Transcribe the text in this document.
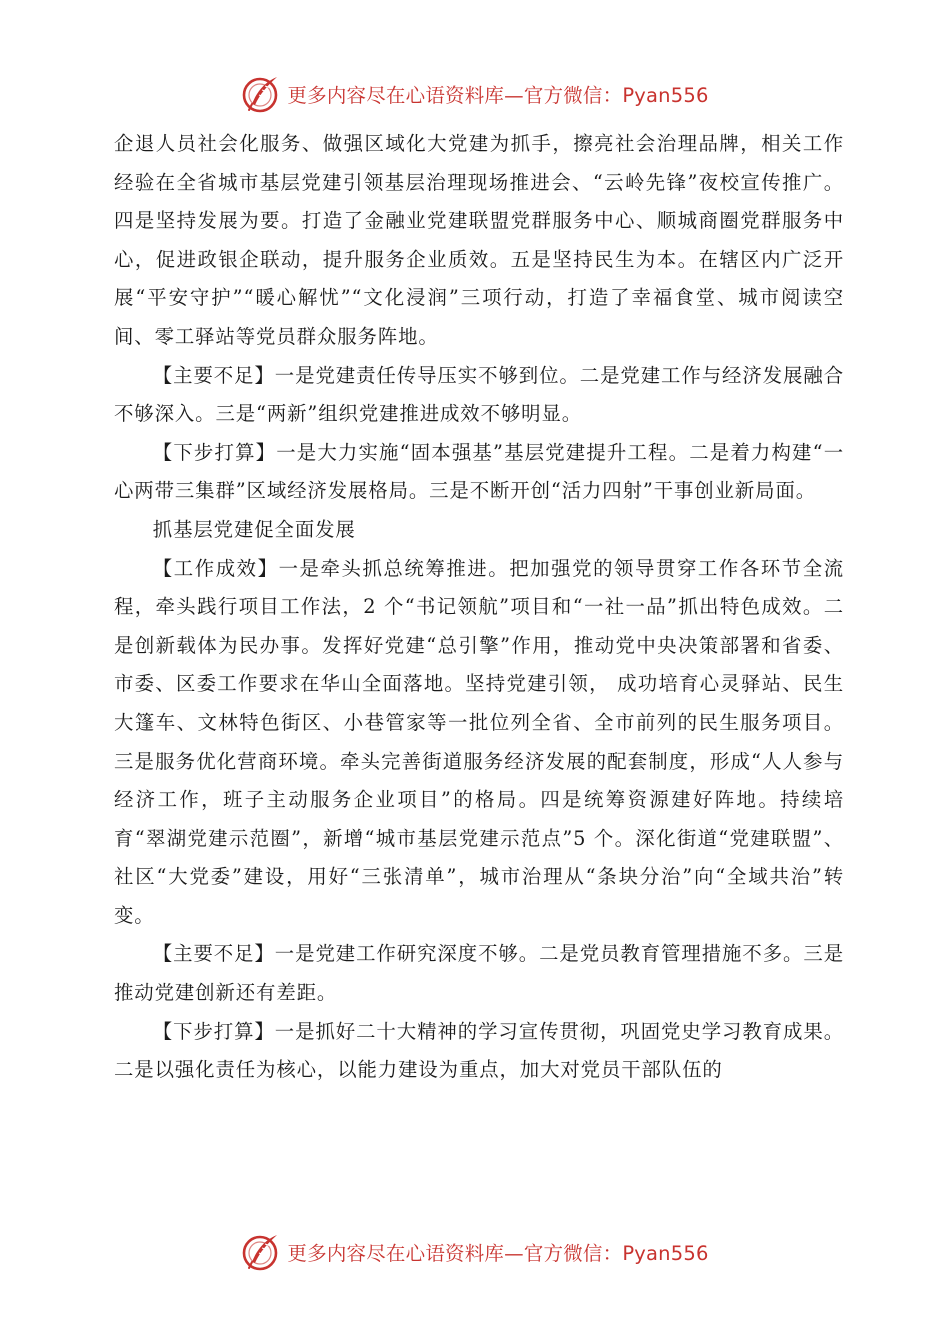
更多内容尽在心语资料库—官方微信：Pyan556

企退人员社会化服务、做强区域化大党建为抓手，擦亮社会治理品牌，相关工作经验在全省城市基层党建引领基层治理现场推进会、“云岭先锋”夜校宣传推广。四是坚持发展为要。打造了金融业党建联盟党群服务中心、顺城商圈党群服务中心，促进政银企联动，提升服务企业质效。五是坚持民生为本。在辖区内广泛开展“平安守护”“暖心解忧”“文化浸润”三项行动，打造了幸福食堂、城市阅读空间、零工驿站等党员群众服务阵地。

【主要不足】一是党建责任传导压实不够到位。二是党建工作与经济发展融合不够深入。三是“两新”组织党建推进成效不够明显。

【下步打算】一是大力实施“固本强基”基层党建提升工程。二是着力构建“一心两带三集群”区域经济发展格局。三是不断开创“活力四射”干事创业新局面。

抓基层党建促全面发展

【工作成效】一是牵头抓总统筹推进。把加强党的领导贯穿工作各环节全流程，牵头践行项目工作法，2 个“书记领航”项目和“一社一品”抓出特色成效。二是创新载体为民办事。发挥好党建“总引擎”作用，推动党中央决策部署和省委、市委、区委工作要求在华山全面落地。坚持党建引领， 成功培育心灵驿站、民生大篷车、文林特色街区、小巷管家等一批位列全省、全市前列的民生服务项目。三是服务优化营商环境。牵头完善街道服务经济发展的配套制度，形成“人人参与经济工作，班子主动服务企业项目”的格局。四是统筹资源建好阵地。持续培育“翠湖党建示范圈”，新增“城市基层党建示范点”5 个。深化街道“党建联盟”、社区“大党委”建设，用好“三张清单”，城市治理从“条块分治”向“全域共治”转变。

【主要不足】一是党建工作研究深度不够。二是党员教育管理措施不多。三是推动党建创新还有差距。

【下步打算】一是抓好二十大精神的学习宣传贯彻，巩固党史学习教育成果。二是以强化责任为核心，以能力建设为重点，加大对党员干部队伍的

更多内容尽在心语资料库—官方微信：Pyan556
